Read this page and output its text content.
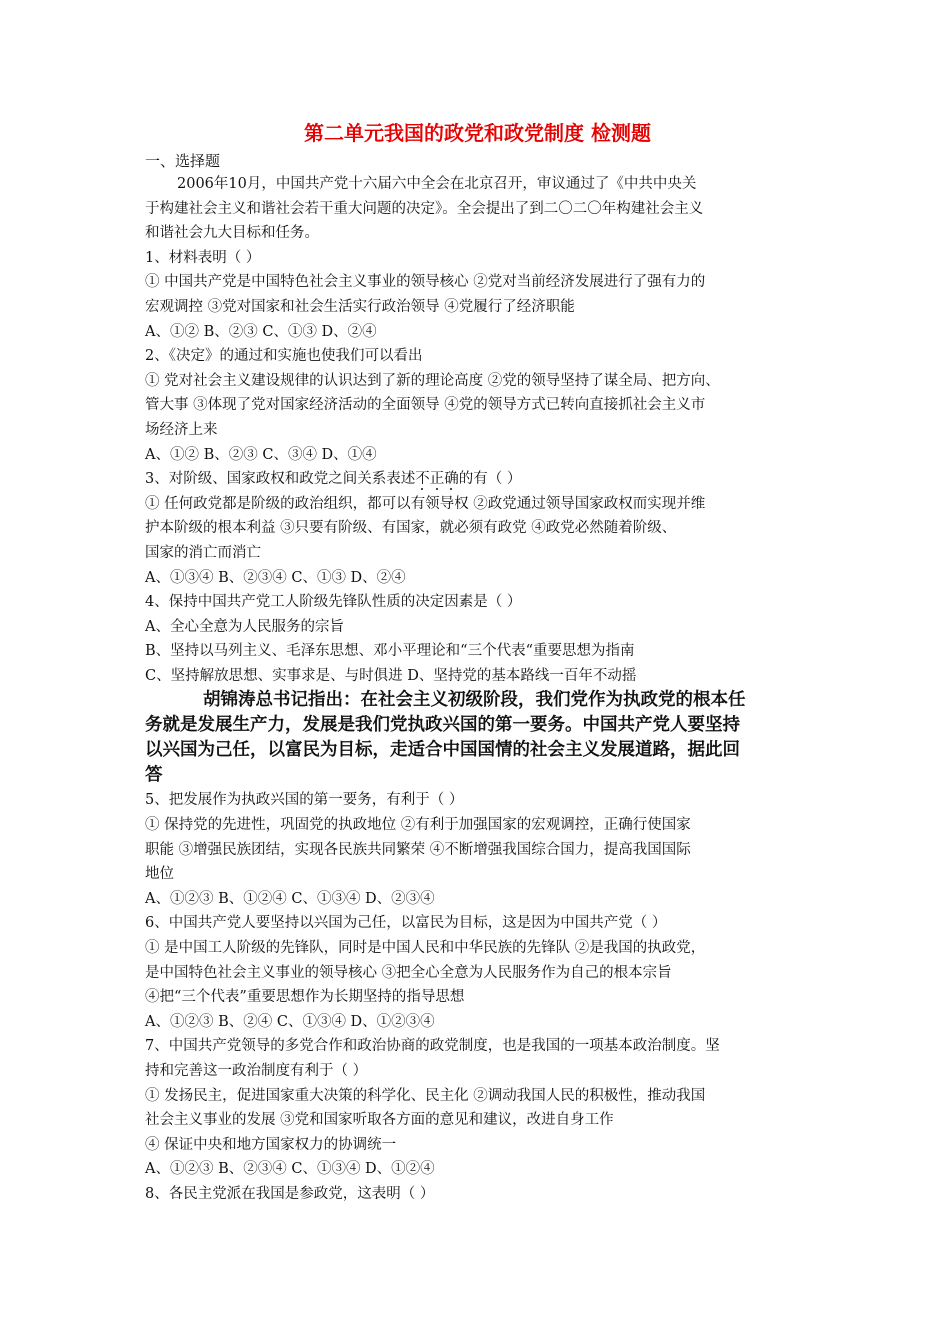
第二单元我国的政党和政党制度 检测题
一、选择题

2006年10月，中国共产党十六届六中全会在北京召开，审议通过了《中共中央关

于构建社会主义和谐社会若干重大问题的决定》。全会提出了到二〇二〇年构建社会主义

和谐社会九大目标和任务。

1、材料表明（ ）

① 中国共产党是中国特色社会主义事业的领导核心 ②党对当前经济发展进行了强有力的

宏观调控 ③党对国家和社会生活实行政治领导 ④党履行了经济职能

A、①② B、②③ C、①③ D、②④

2、《决定》的通过和实施也使我们可以看出

① 党对社会主义建设规律的认识达到了新的理论高度 ②党的领导坚持了谋全局、把方向、

管大事 ③体现了党对国家经济活动的全面领导 ④党的领导方式已转向直接抓社会主义市

场经济上来

A、①② B、②③ C、③④ D、①④

3、对阶级、国家政权和政党之间关系表述不正确的有（ ）

① 任何政党都是阶级的政治组织，都可以有领导权 ②政党通过领导国家政权而实现并维

护本阶级的根本利益 ③只要有阶级、有国家，就必须有政党 ④政党必然随着阶级、

国家的消亡而消亡

A、①③④ B、②③④ C、①③ D、②④

4、保持中国共产党工人阶级先锋队性质的决定因素是（ ）

A、全心全意为人民服务的宗旨

B、坚持以马列主义、毛泽东思想、邓小平理论和“三个代表“重要思想为指南

C、坚持解放思想、实事求是、与时俱进 D、坚持党的基本路线一百年不动摇

胡锦涛总书记指出：在社会主义初级阶段，我们党作为执政党的根本任

务就是发展生产力，发展是我们党执政兴国的第一要务。中国共产党人要坚持

以兴国为己任，以富民为目标，走适合中国国情的社会主义发展道路，据此回

答

5、把发展作为执政兴国的第一要务，有利于（ ）

① 保持党的先进性，巩固党的执政地位 ②有利于加强国家的宏观调控，正确行使国家

职能 ③增强民族团结，实现各民族共同繁荣 ④不断增强我国综合国力，提高我国国际

地位

A、①②③ B、①②④ C、①③④ D、②③④

6、中国共产党人要坚持以兴国为己任，以富民为目标，这是因为中国共产党（ ）

① 是中国工人阶级的先锋队，同时是中国人民和中华民族的先锋队 ②是我国的执政党，

是中国特色社会主义事业的领导核心 ③把全心全意为人民服务作为自己的根本宗旨

④把“三个代表”重要思想作为长期坚持的指导思想

A、①②③ B、②④ C、①③④ D、①②③④

7、中国共产党领导的多党合作和政治协商的政党制度，也是我国的一项基本政治制度。坚

持和完善这一政治制度有利于（ ）

① 发扬民主，促进国家重大决策的科学化、民主化 ②调动我国人民的积极性，推动我国

社会主义事业的发展 ③党和国家听取各方面的意见和建议，改进自身工作

④ 保证中央和地方国家权力的协调统一

A、①②③ B、②③④ C、①③④ D、①②④

8、各民主党派在我国是参政党，这表明（ ）
